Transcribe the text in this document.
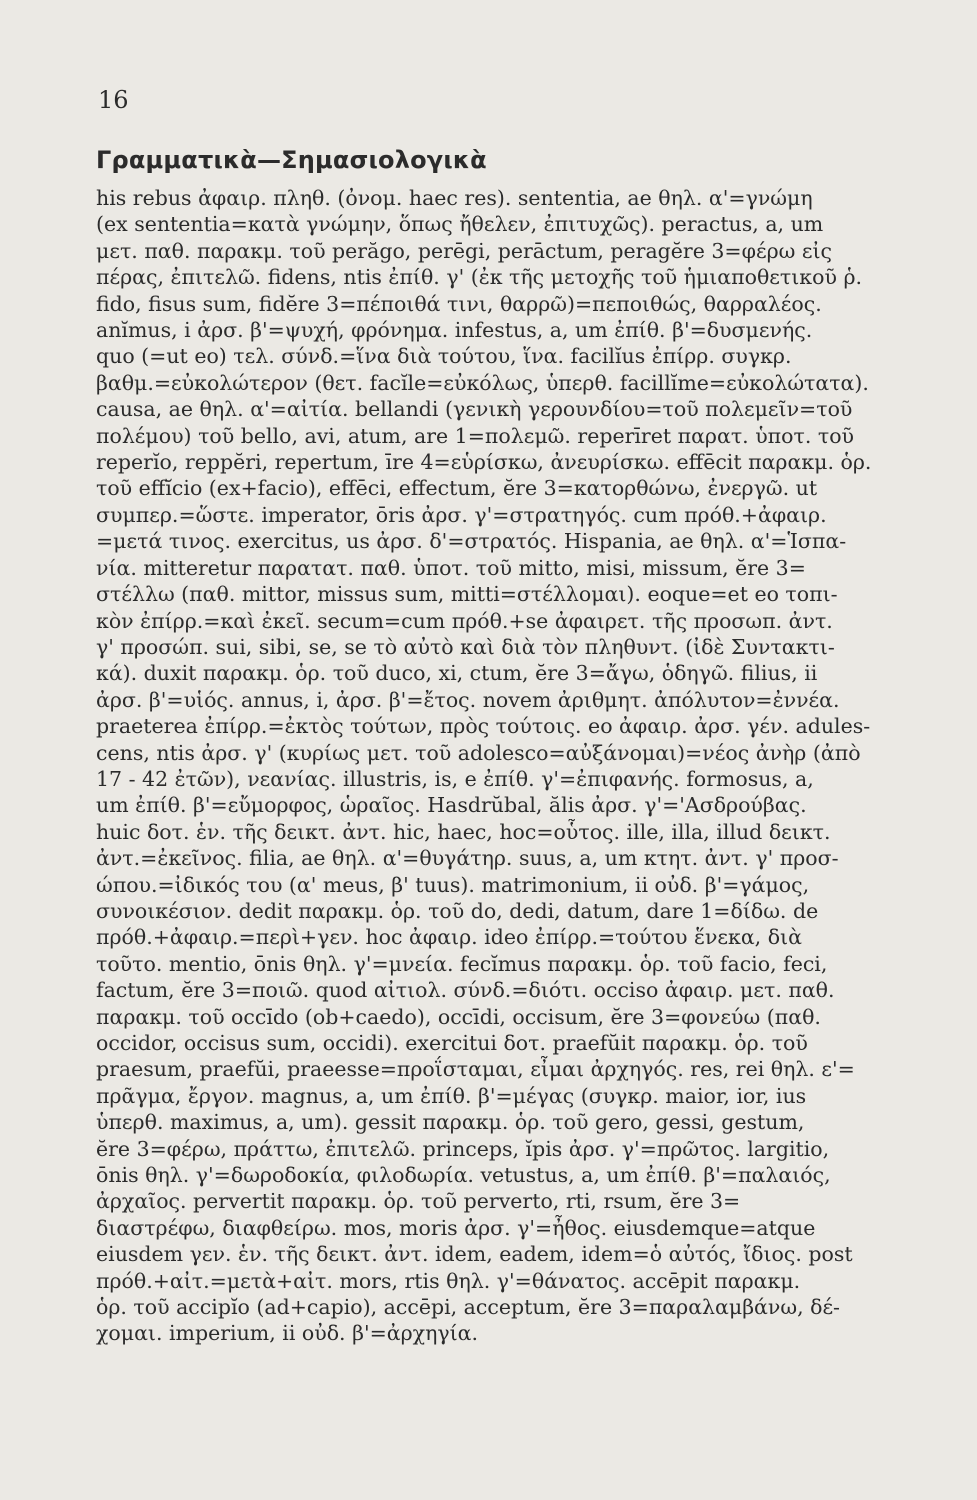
16
Γραμματικὰ—Σημασιολογικὰ
his rebus ἀφαιρ. πληθ. (ὀνομ. haec res). sententia, ae θηλ. α'=γνώμη
(ex sententia=κατὰ γνώμην, ὅπως ἤθελεν, ἐπιτυχῶς). peractus, a, um
μετ. παθ. παρακμ. τοῦ perăgo, perēgi, perāctum, peragĕre 3=φέρω εἰς
πέρας, ἐπιτελῶ. fidens, ntis ἐπίθ. γ' (ἐκ τῆς μετοχῆς τοῦ ἡμιαποθετικοῦ ῥ.
fido, fisus sum, fidĕre 3=πέποιθά τινι, θαρρῶ)=πεποιθώς, θαρραλέος.
anĭmus, i ἀρσ. β'=ψυχή, φρόνημα. infestus, a, um ἐπίθ. β'=δυσμενής.
quo (=ut eo) τελ. σύνδ.=ἵνα διὰ τούτου, ἵνα. facilĭus ἐπίρρ. συγκρ.
βαθμ.=εὐκολώτερον (θετ. facĭle=εὐκόλως, ὑπερθ. facillĭme=εὐκολώτατα).
causa, ae θηλ. α'=αἰτία. bellandi (γενικὴ γερουνδίου=τοῦ πολεμεῖν=τοῦ
πολέμου) τοῦ bello, avi, atum, are 1=πολεμῶ. reperīret παρατ. ὑποτ. τοῦ
reperĭo, reppĕri, repertum, īre 4=εὑρίσκω, ἀνευρίσκω. effēcit παρακμ. ὁρ.
τοῦ effĭcio (ex+facio), effēci, effectum, ĕre 3=κατορθώνω, ἐνεργῶ. ut
συμπερ.=ὥστε. imperator, ōris ἀρσ. γ'=στρατηγός. cum πρόθ.+ἀφαιρ.
=μετά τινος. exercitus, us ἀρσ. δ'=στρατός. Hispania, ae θηλ. α'=Ἱσπα-
νία. mitteretur παρατατ. παθ. ὑποτ. τοῦ mitto, misi, missum, ĕre 3=
στέλλω (παθ. mittor, missus sum, mitti=στέλλομαι). eoque=et eo τοπι-
κὸν ἐπίρρ.=καὶ ἐκεῖ. secum=cum πρόθ.+se ἀφαιρετ. τῆς προσωπ. ἀντ.
γ' προσώπ. sui, sibi, se, se τὸ αὐτὸ καὶ διὰ τὸν πληθυντ. (ἰδὲ Συντακτι-
κά). duxit παρακμ. ὁρ. τοῦ duco, xi, ctum, ĕre 3=ἄγω, ὁδηγῶ. filius, ii
ἀρσ. β'=υἱός. annus, i, ἀρσ. β'=ἔτος. novem ἀριθμητ. ἀπόλυτον=ἐννέα.
praeterea ἐπίρρ.=ἐκτὸς τούτων, πρὸς τούτοις. eo ἀφαιρ. ἀρσ. γέν. adules-
cens, ntis ἀρσ. γ' (κυρίως μετ. τοῦ adolesco=αὐξάνομαι)=νέος ἀνὴρ (ἀπὸ
17 - 42 ἐτῶν), νεανίας. illustris, is, e ἐπίθ. γ'=ἐπιφανής. formosus, a,
um ἐπίθ. β'=εὔμορφος, ὡραῖος. Hasdrŭbal, ălis ἀρσ. γ'='Ασδρούβας.
huic δοτ. ἑν. τῆς δεικτ. ἀντ. hic, haec, hoc=οὗτος. ille, illa, illud δεικτ.
ἀντ.=ἐκεῖνος. filia, ae θηλ. α'=θυγάτηρ. suus, a, um κτητ. ἀντ. γ' προσ-
ώπου.=ἰδικός του (α' meus, β' tuus). matrimonium, ii οὐδ. β'=γάμος,
συνοικέσιον. dedit παρακμ. ὁρ. τοῦ do, dedi, datum, dare 1=δίδω. de
πρόθ.+ἀφαιρ.=περὶ+γεν. hoc ἀφαιρ. ideo ἐπίρρ.=τούτου ἕνεκα, διὰ
τοῦτο. mentio, ōnis θηλ. γ'=μνεία. fecĭmus παρακμ. ὁρ. τοῦ facio, feci,
factum, ĕre 3=ποιῶ. quod αἰτιολ. σύνδ.=διότι. occiso ἀφαιρ. μετ. παθ.
παρακμ. τοῦ occīdo (ob+caedo), occīdi, occisum, ĕre 3=φονεύω (παθ.
occidor, occisus sum, occidi). exercitui δοτ. praefŭit παρακμ. ὁρ. τοῦ
praesum, praefŭi, praeesse=προΐσταμαι, εἶμαι ἀρχηγός. res, rei θηλ. ε'=
πρᾶγμα, ἔργον. magnus, a, um ἐπίθ. β'=μέγας (συγκρ. maior, ior, ius
ὑπερθ. maximus, a, um). gessit παρακμ. ὁρ. τοῦ gero, gessi, gestum,
ĕre 3=φέρω, πράττω, ἐπιτελῶ. princeps, ĭpis ἀρσ. γ'=πρῶτος. largitio,
ōnis θηλ. γ'=δωροδοκία, φιλοδωρία. vetustus, a, um ἐπίθ. β'=παλαιός,
ἀρχαῖος. pervertit παρακμ. ὁρ. τοῦ perverto, rti, rsum, ĕre 3=
διαστρέφω, διαφθείρω. mos, moris ἀρσ. γ'=ἦθος. eiusdemque=atque
eiusdem γεν. ἑν. τῆς δεικτ. ἀντ. idem, eadem, idem=ὁ αὐτός, ἴδιος. post
πρόθ.+αἰτ.=μετὰ+αἰτ. mors, rtis θηλ. γ'=θάνατος. accēpit παρακμ.
ὁρ. τοῦ accipĭo (ad+capio), accēpi, acceptum, ĕre 3=παραλαμβάνω, δέ-
χομαι. imperium, ii οὐδ. β'=ἀρχηγία.
